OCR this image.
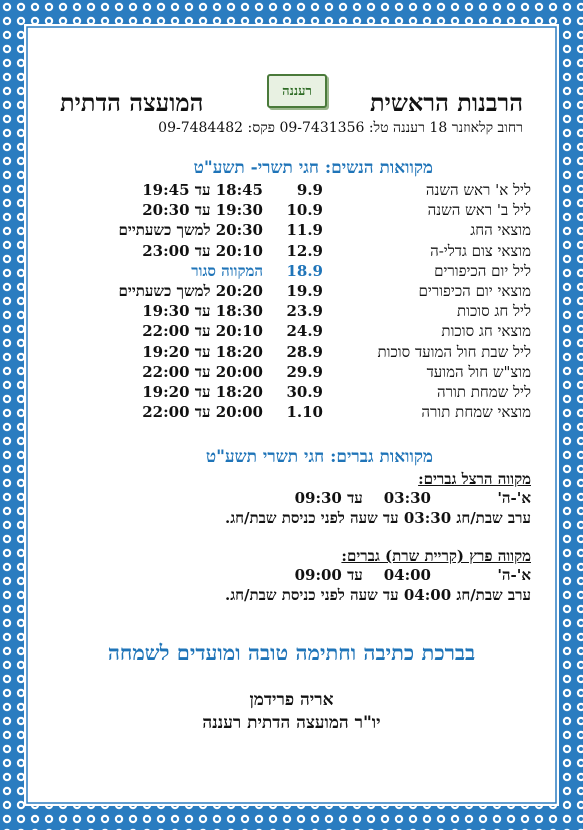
הרבנות הראשית
רעננה
המועצה הדתית
רחוב קלאוזנר 18 רעננה טל: 09-7431356 פקס: 09-7484482
מקוואות הנשים: חגי תשרי- תשע"ט
ליל א' ראש השנה
9.9
18:45 עד 19:45
ליל ב' ראש השנה
10.9
19:30 עד 20:30
מוצאי החג
11.9
20:30 למשך כשעתיים
מוצאי צום גדלי-ה
12.9
20:10 עד 23:00
ליל יום הכיפורים
18.9
המקווה סגור
מוצאי יום הכיפורים
19.9
20:20 למשך כשעתיים
ליל חג סוכות
23.9
18:30 עד 19:30
מוצאי חג סוכות
24.9
20:10 עד 22:00
ליל שבת חול המועד סוכות
28.9
18:20 עד 19:20
מוצ"ש חול המועד
29.9
20:00 עד 22:00
ליל שמחת תורה
30.9
18:20 עד 19:20
מוצאי שמחת תורה
1.10
20:00 עד 22:00
מקוואות גברים: חגי תשרי תשע"ט
מקווה הרצל גברים:
א'-ה'
03:30    עד 09:30
ערב שבת/חג 03:30 עד שעה לפני כניסת שבת/חג.
מקווה פרץ (קריית שרת) גברים:
א'-ה'
04:00    עד 09:00
ערב שבת/חג 04:00 עד שעה לפני כניסת שבת/חג.
בברכת כתיבה וחתימה טובה ומועדים לשמחה
אריה פרידמן
יו"ר המועצה הדתית רעננה
